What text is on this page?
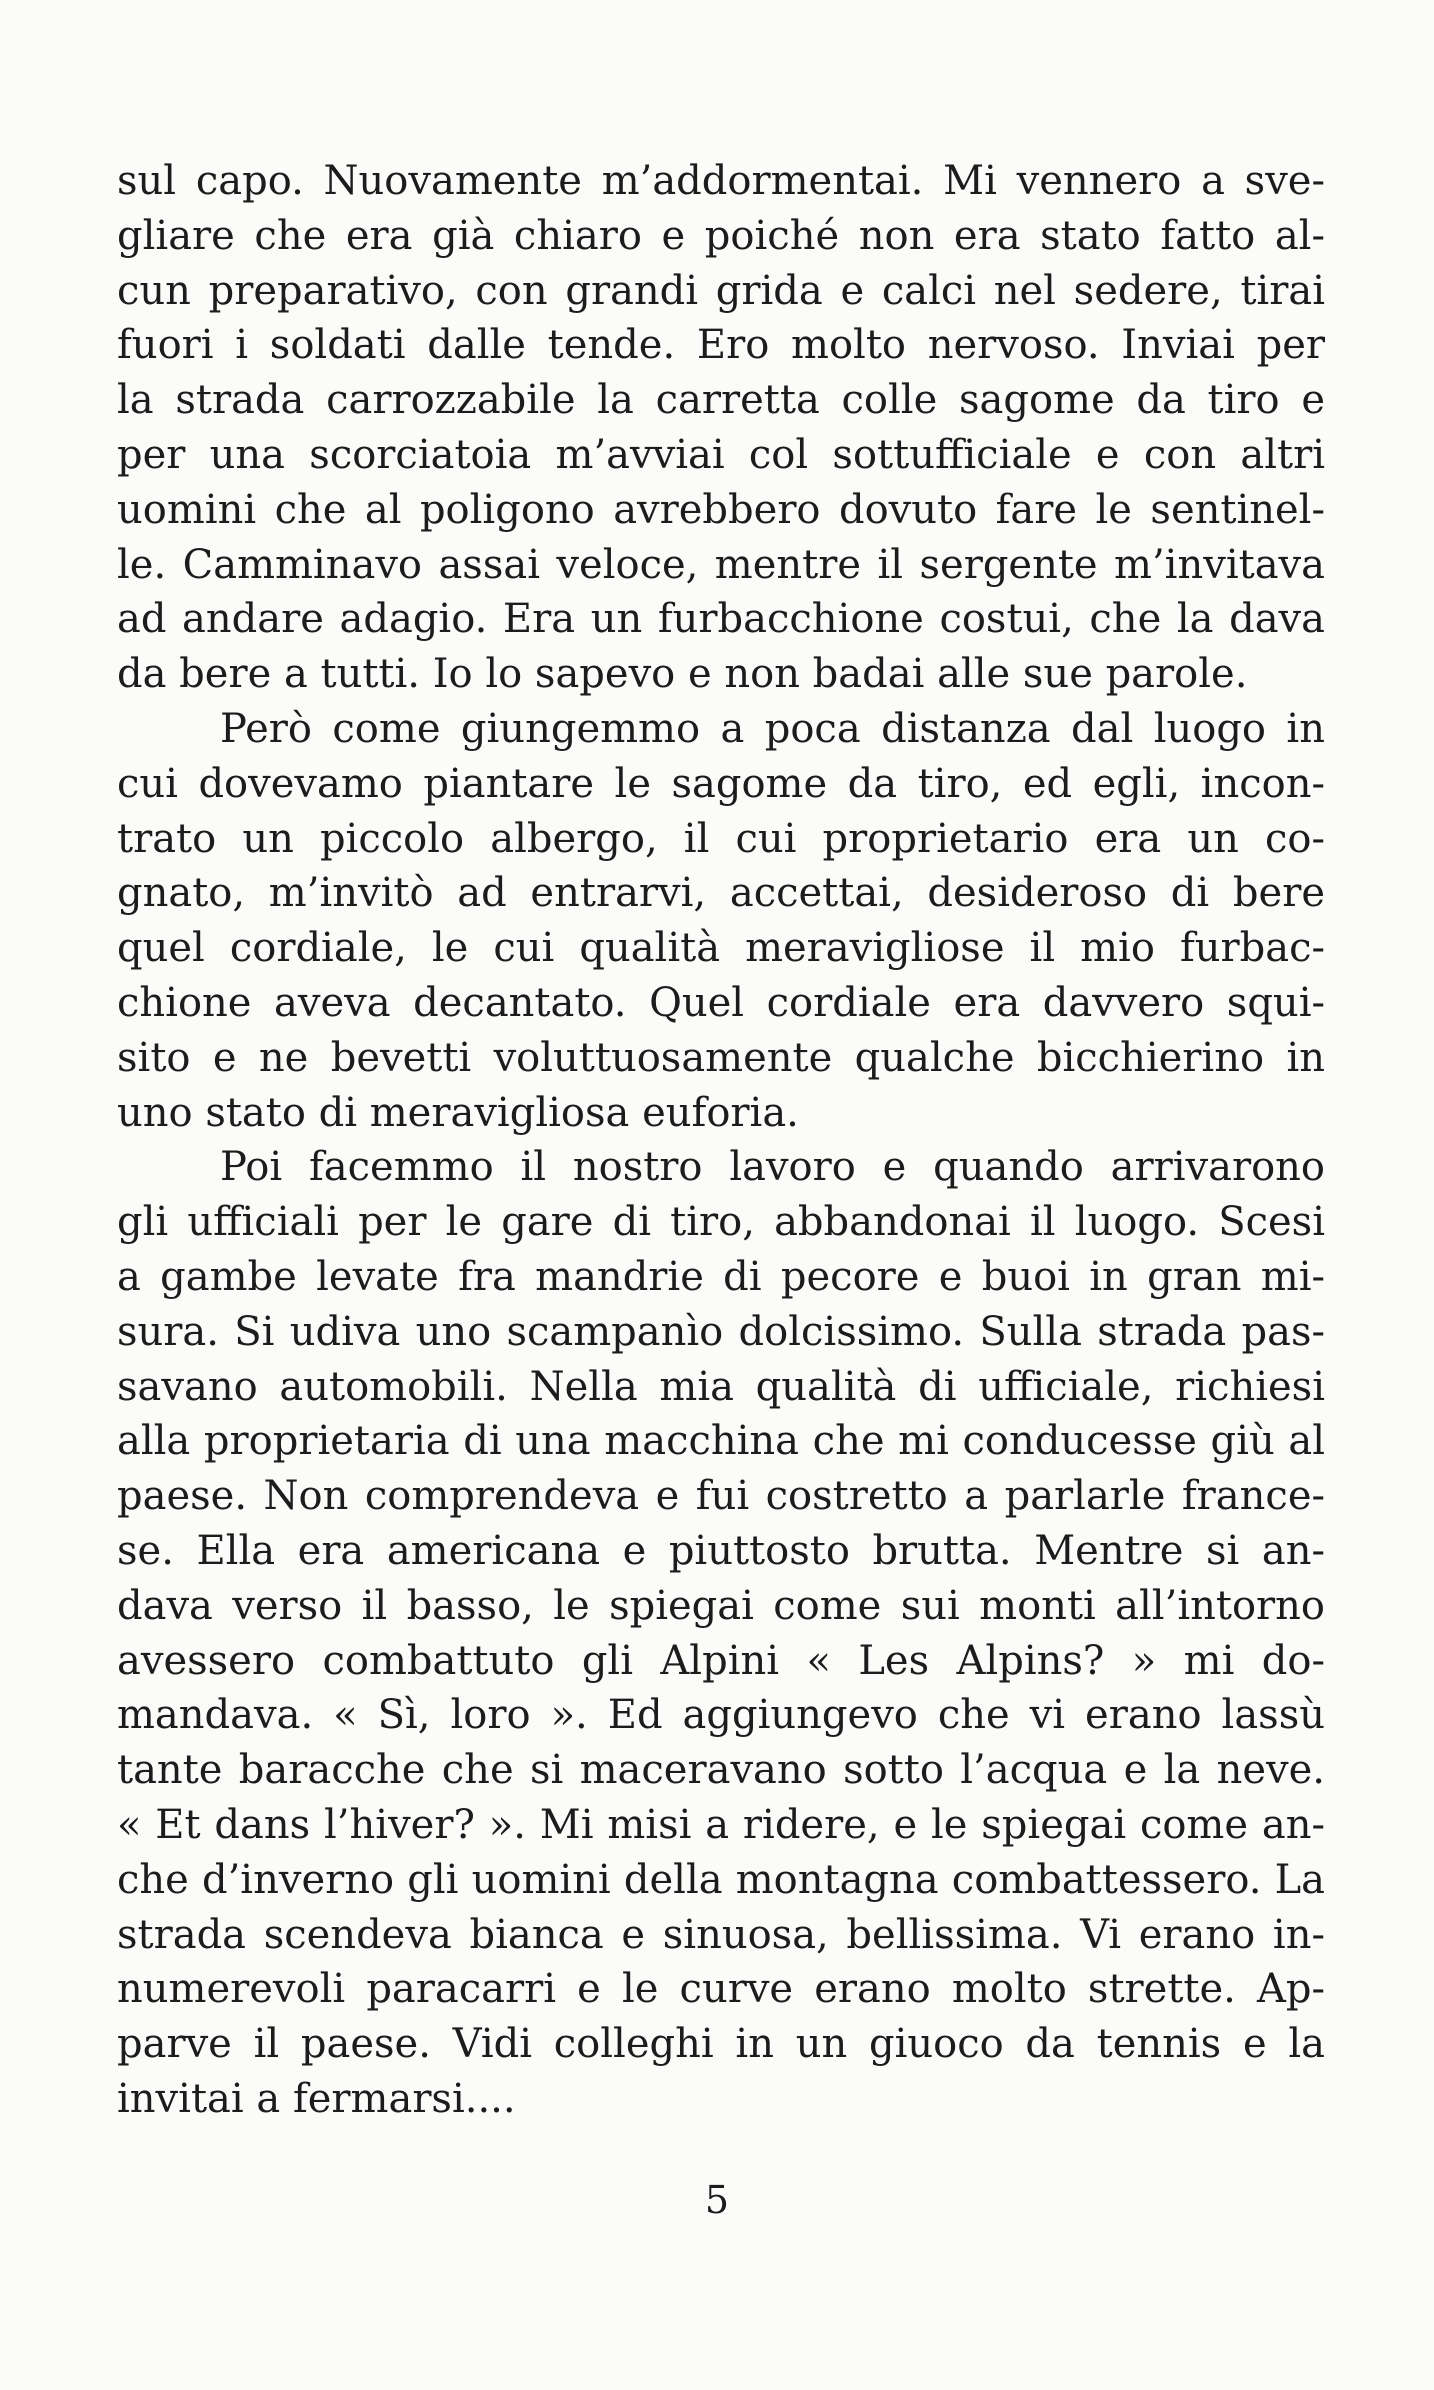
sul capo. Nuovamente m’addormentai. Mi vennero a sve-
gliare che era già chiaro e poiché non era stato fatto al-
cun preparativo, con grandi grida e calci nel sedere, tirai
fuori i soldati dalle tende. Ero molto nervoso. Inviai per
la strada carrozzabile la carretta colle sagome da tiro e
per una scorciatoia m’avviai col sottufficiale e con altri
uomini che al poligono avrebbero dovuto fare le sentinel-
le. Camminavo assai veloce, mentre il sergente m’invitava
ad andare adagio. Era un furbacchione costui, che la dava
da bere a tutti. Io lo sapevo e non badai alle sue parole.
Però come giungemmo a poca distanza dal luogo in
cui dovevamo piantare le sagome da tiro, ed egli, incon-
trato un piccolo albergo, il cui proprietario era un co-
gnato, m’invitò ad entrarvi, accettai, desideroso di bere
quel cordiale, le cui qualità meravigliose il mio furbac-
chione aveva decantato. Quel cordiale era davvero squi-
sito e ne bevetti voluttuosamente qualche bicchierino in
uno stato di meravigliosa euforia.
Poi facemmo il nostro lavoro e quando arrivarono
gli ufficiali per le gare di tiro, abbandonai il luogo. Scesi
a gambe levate fra mandrie di pecore e buoi in gran mi-
sura. Si udiva uno scampanìo dolcissimo. Sulla strada pas-
savano automobili. Nella mia qualità di ufficiale, richiesi
alla proprietaria di una macchina che mi conducesse giù al
paese. Non comprendeva e fui costretto a parlarle france-
se. Ella era americana e piuttosto brutta. Mentre si an-
dava verso il basso, le spiegai come sui monti all’intorno
avessero combattuto gli Alpini « Les Alpins? » mi do-
mandava. « Sì, loro ». Ed aggiungevo che vi erano lassù
tante baracche che si maceravano sotto l’acqua e la neve.
« Et dans l’hiver? ». Mi misi a ridere, e le spiegai come an-
che d’inverno gli uomini della montagna combattessero. La
strada scendeva bianca e sinuosa, bellissima. Vi erano in-
numerevoli paracarri e le curve erano molto strette. Ap-
parve il paese. Vidi colleghi in un giuoco da tennis e la
invitai a fermarsi....
5
